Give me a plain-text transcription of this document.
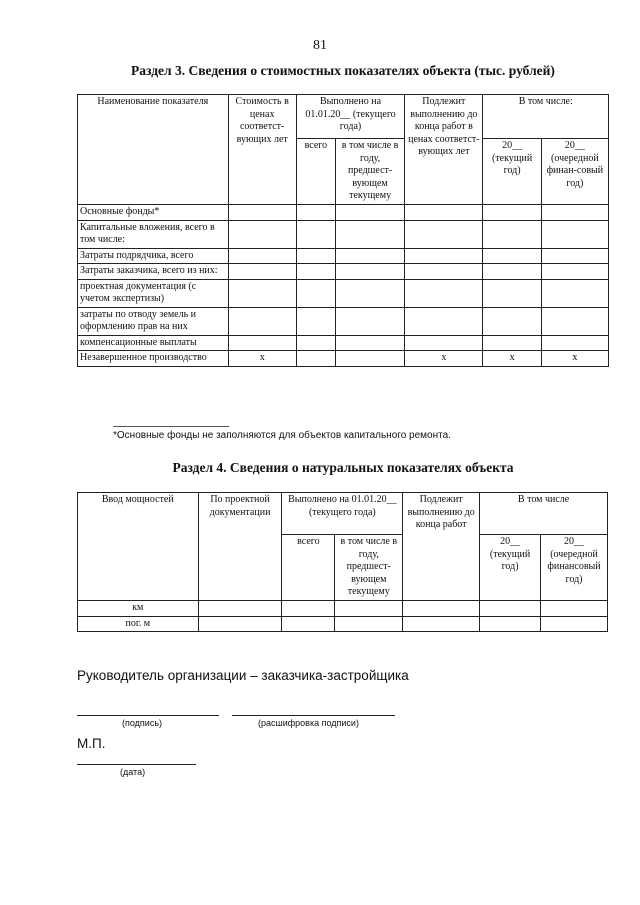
81
Раздел 3. Сведения о стоимостных показателях объекта (тыс. рублей)
Наименование показателя	Стоимость в ценах соответст-вующих лет	Выполнено на 01.01.20__ (текущего года)		Подлежит выполнению до конца работ в ценах соответст-вующих лет	В том числе:	
		всего	в том числе в году, предшест-вующем текущему		20__ (текущий год)	20__ (очередной финан-совый год)
Основные фонды*						
Капитальные вложения, всего в том числе:						
Затраты подрядчика, всего						
Затраты заказчика, всего из них:						
проектная документация (с учетом экспертизы)						
затраты по отводу земель и оформлению прав на них						
компенсационные выплаты						
Незавершенное производство	х			х	х	х
*Основные фонды не заполняются для объектов капитального ремонта.
Раздел 4. Сведения о натуральных показателях объекта
Ввод мощностей	По проектной документации	Выполнено на 01.01.20__ (текущего года)		Подлежит выполнению до конца работ	В том числе	
		всего	в том числе в году, предшест-вующем текущему		20__ (текущий год)	20__ (очередной финансовый год)
км						
пог. м						
Руководитель организации – заказчика-застройщика
(подпись)	(расшифровка подписи)
М.П.
(дата)
